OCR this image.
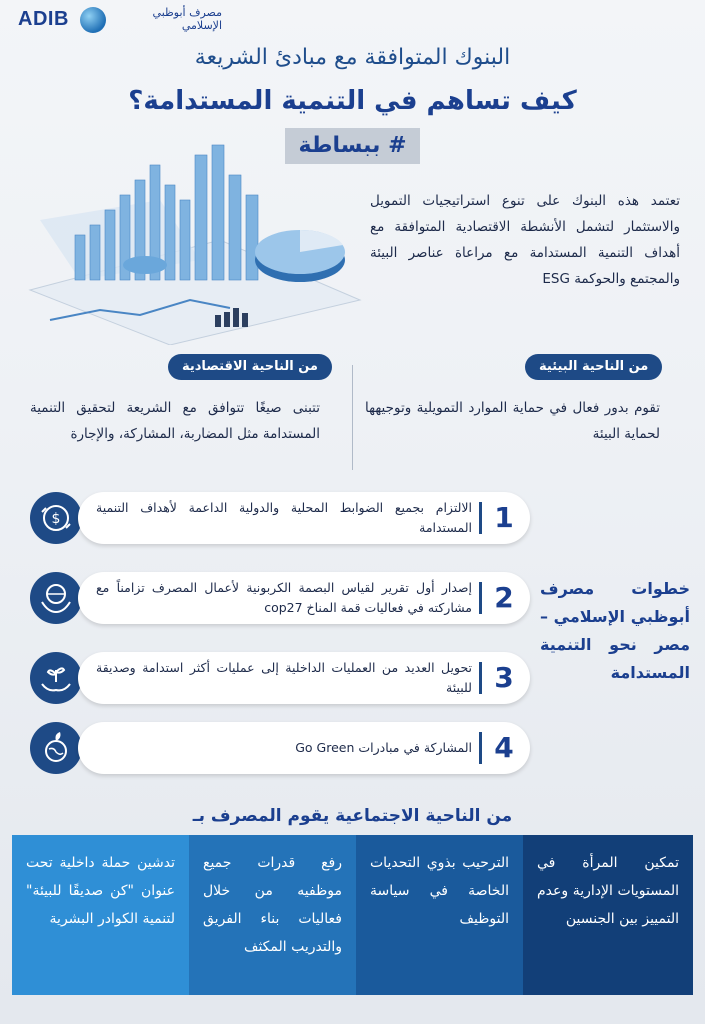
ADIB	مصرف أبوظبي
الإسلامي
البنوك المتوافقة مع مبادئ الشريعة
كيف تساهم في التنمية المستدامة؟
# ببساطة
تعتمد هذه البنوك على تنوع استراتيجيات التمويل والاستثمار لتشمل الأنشطة الاقتصادية المتوافقة مع أهداف التنمية المستدامة مع مراعاة عناصر البيئة والمجتمع والحوكمة ESG
من الناحية البيئية
من الناحية الاقتصادية
تقوم بدور فعال في حماية الموارد التمويلية وتوجيهها لحماية البيئة
تتبنى صيغًا تتوافق مع الشريعة لتحقيق التنمية المستدامة مثل المضاربة، المشاركة، والإجارة
خطوات مصرف أبوظبي الإسلامي – مصر نحو التنمية المستدامة
$	1
الالتزام بجميع الضوابط المحلية والدولية الداعمة لأهداف التنمية المستدامة
2
إصدار أول تقرير لقياس البصمة الكربونية لأعمال المصرف تزامناً مع مشاركته في فعاليات قمة المناخ cop27
3
تحويل العديد من العمليات الداخلية إلى عمليات أكثر استدامة وصديقة للبيئة
4
المشاركة في مبادرات Go Green
من الناحية الاجتماعية يقوم المصرف بـ
تمكين المرأة في المستويات الإدارية وعدم التمييز بين الجنسين
الترحيب بذوي التحديات الخاصة في سياسة التوظيف
رفع قدرات جميع موظفيه من خلال فعاليات بناء الفريق والتدريب المكثف
تدشين حملة داخلية تحت عنوان "كن صديقًا للبيئة" لتنمية الكوادر البشرية
